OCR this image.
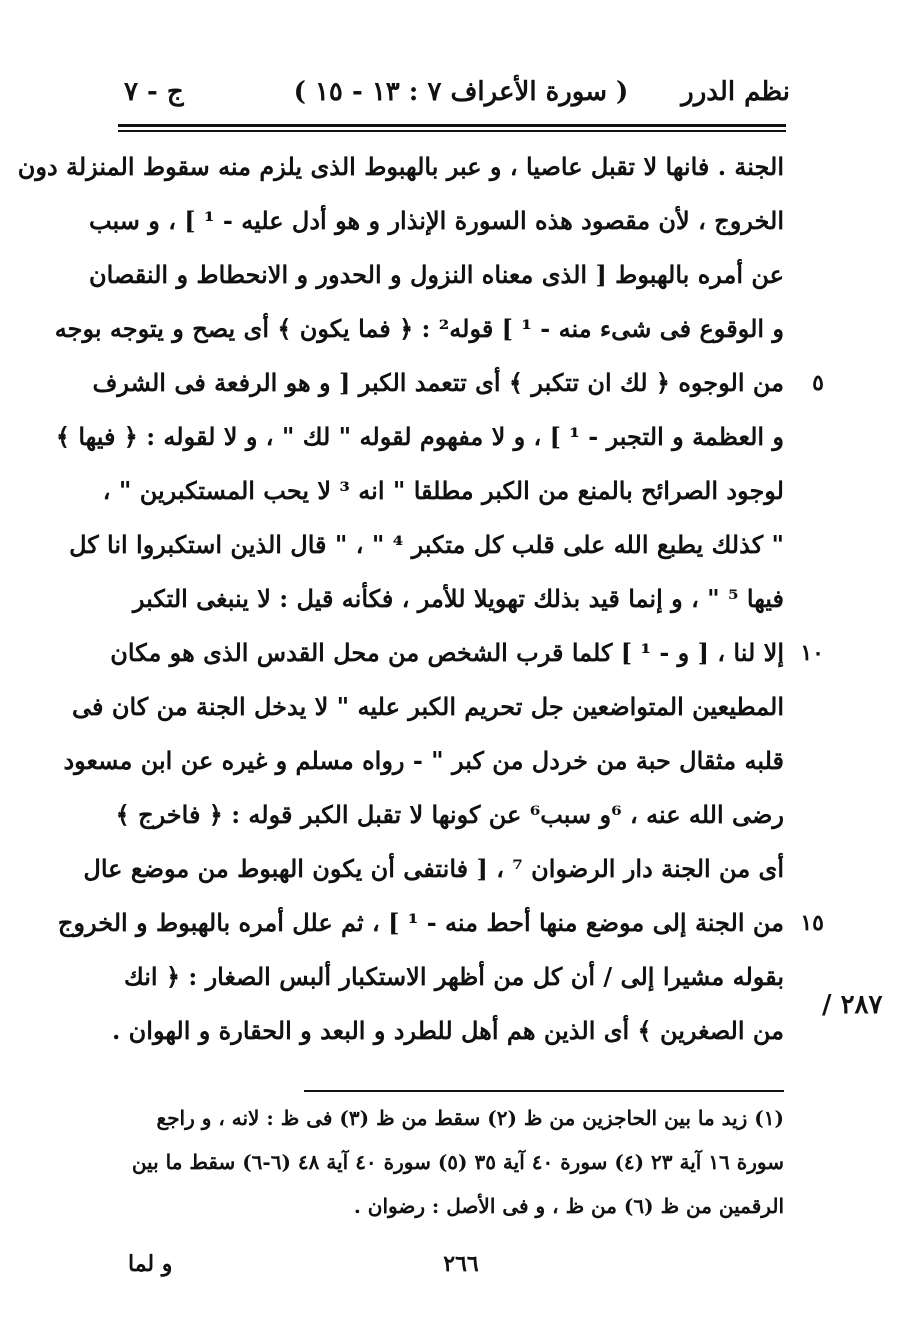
نظم الدرر
( سورة الأعراف ٧ : ١٣ - ١٥ )
ج - ٧
الجنة . فانها لا تقبل عاصيا ، و عبر بالهبوط الذى يلزم منه سقوط المنزلة دون
الخروج ، لأن مقصود هذه السورة الإنذار و هو أدل عليه - ¹ ] ، و سبب
عن أمره بالهبوط [ الذى معناه النزول و الحدور و الانحطاط و النقصان
و الوقوع فى شىء منه - ¹ ] قوله² : ﴿ فما يكون ﴾ أى يصح و يتوجه بوجه
من الوجوه ﴿ لك ان تتكبر ﴾ أى تتعمد الكبر [ و هو الرفعة فى الشرف
و العظمة و التجبر - ¹ ] ، و لا مفهوم لقوله " لك " ، و لا لقوله : ﴿ فيها ﴾
لوجود الصرائح بالمنع من الكبر مطلقا " انه ³ لا يحب المستكبرين " ،
" كذلك يطبع الله على قلب كل متكبر ⁴ " ، " قال الذين استكبروا انا كل
فيها ⁵ " ، و إنما قيد بذلك تهويلا للأمر ، فكأنه قيل : لا ينبغى التكبر
إلا لنا ، [ و - ¹ ] كلما قرب الشخص من محل القدس الذى هو مكان
المطيعين المتواضعين جل تحريم الكبر عليه " لا يدخل الجنة من كان فى
قلبه مثقال حبة من خردل من كبر " - رواه مسلم و غيره عن ابن مسعود
رضى الله عنه ، ⁶و سبب⁶ عن كونها لا تقبل الكبر قوله : ﴿ فاخرج ﴾
أى من الجنة دار الرضوان ⁷ ، [ فانتفى أن يكون الهبوط من موضع عال
من الجنة إلى موضع منها أحط منه - ¹ ] ، ثم علل أمره بالهبوط و الخروج
بقوله مشيرا إلى / أن كل من أظهر الاستكبار ألبس الصغار : ﴿ انك
من الصغرين ﴾ أى الذين هم أهل للطرد و البعد و الحقارة و الهوان .
٥
١٠
١٥
٢٨٧ /
(١) زيد ما بين الحاجزين من ظ (٢) سقط من ظ (٣) فى ظ : لانه ، و راجع
سورة ١٦ آية ٢٣ (٤) سورة ٤٠ آية ٣٥ (٥) سورة ٤٠ آية ٤٨ (٦-٦) سقط ما بين
الرقمين من ظ (٦) من ظ ، و فى الأصل : رضوان .
٢٦٦
و لما
